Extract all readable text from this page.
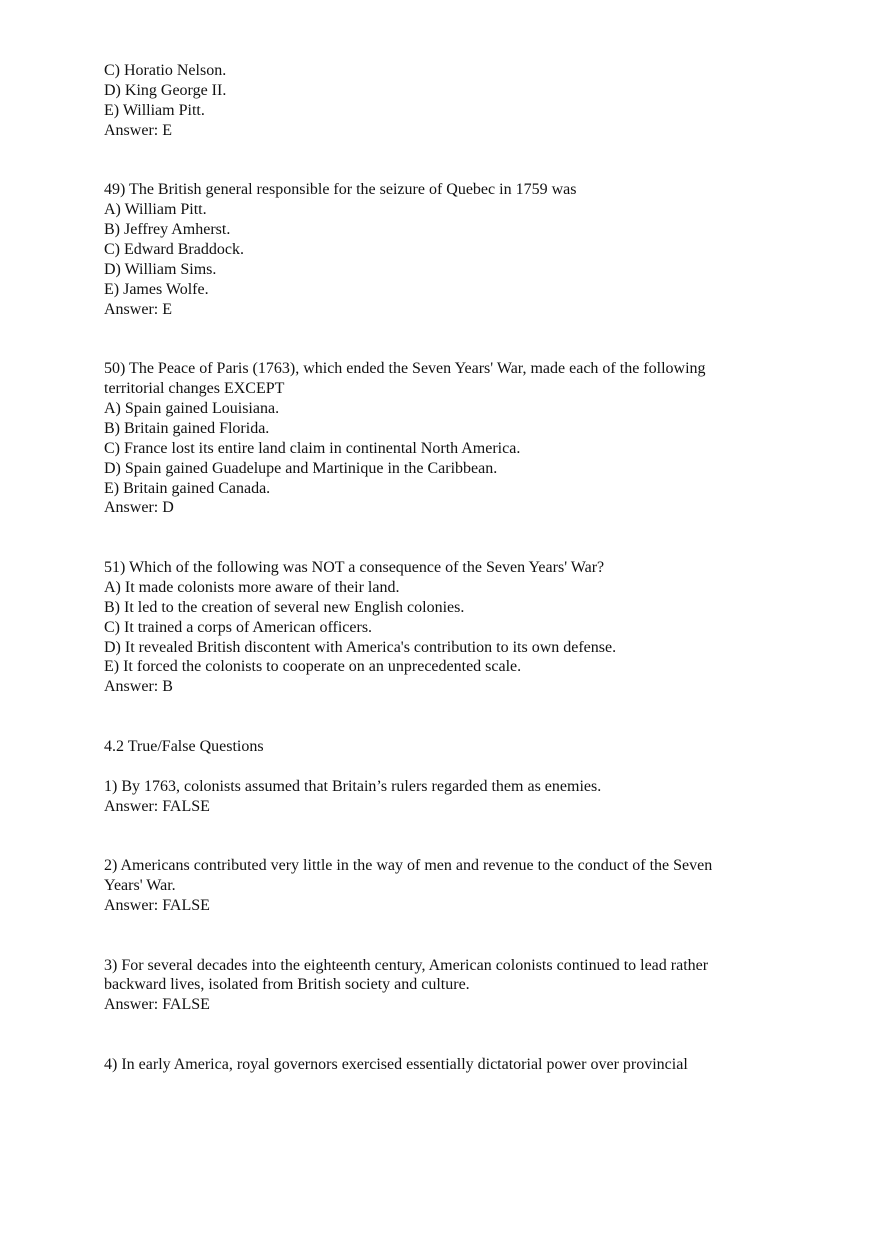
C) Horatio Nelson.
D) King George II.
E) William Pitt.
Answer: E
49) The British general responsible for the seizure of Quebec in 1759 was
A) William Pitt.
B) Jeffrey Amherst.
C) Edward Braddock.
D) William Sims.
E) James Wolfe.
Answer: E
50) The Peace of Paris (1763), which ended the Seven Years' War, made each of the following
territorial changes EXCEPT
A) Spain gained Louisiana.
B) Britain gained Florida.
C) France lost its entire land claim in continental North America.
D) Spain gained Guadelupe and Martinique in the Caribbean.
E) Britain gained Canada.
Answer: D
51) Which of the following was NOT a consequence of the Seven Years' War?
A) It made colonists more aware of their land.
B) It led to the creation of several new English colonies.
C) It trained a corps of American officers.
D) It revealed British discontent with America's contribution to its own defense.
E) It forced the colonists to cooperate on an unprecedented scale.
Answer: B
4.2 True/False Questions
1) By 1763, colonists assumed that Britain’s rulers regarded them as enemies.
Answer: FALSE
2) Americans contributed very little in the way of men and revenue to the conduct of the Seven
Years' War.
Answer: FALSE
3) For several decades into the eighteenth century, American colonists continued to lead rather
backward lives, isolated from British society and culture.
Answer: FALSE
4) In early America, royal governors exercised essentially dictatorial power over provincial
